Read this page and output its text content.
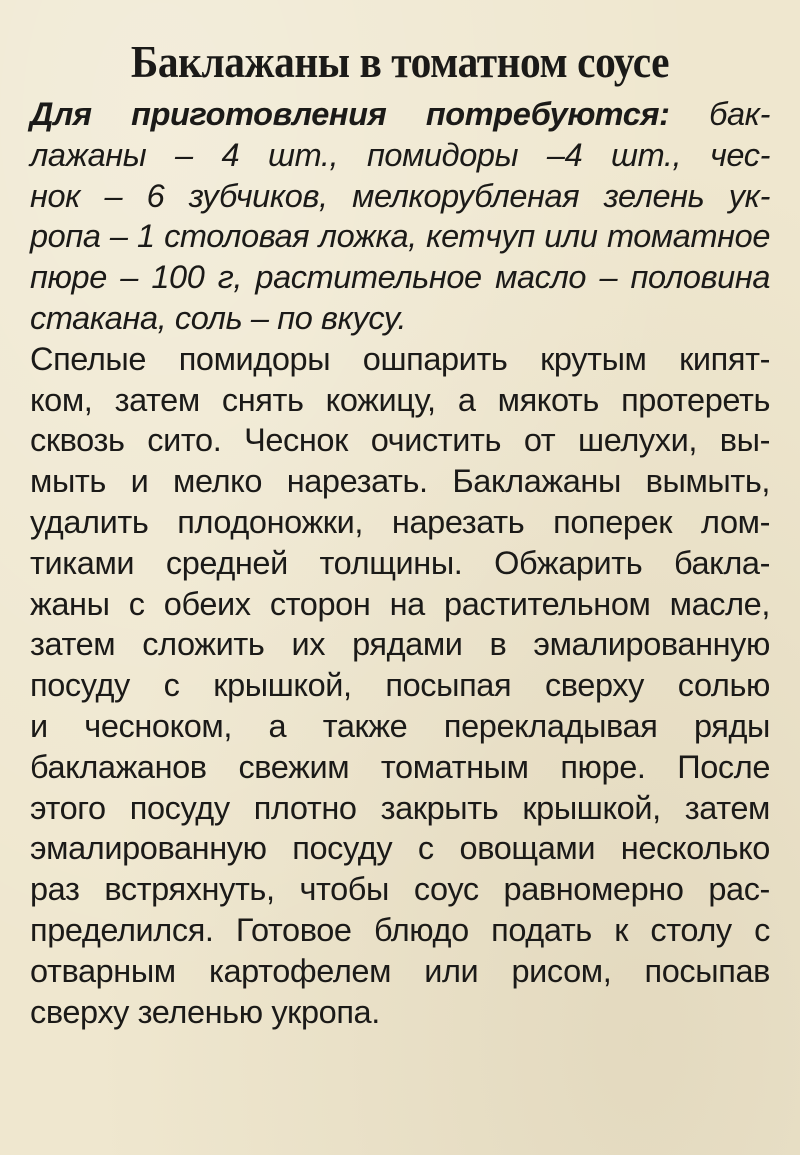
Баклажаны в томатном соусе
Для приготовления потребуются: бак-
лажаны – 4 шт., помидоры –4 шт., чес-
нок – 6 зубчиков, мелкорубленая зелень ук-
ропа – 1 столовая ложка, кетчуп или томатное
пюре – 100 г, растительное масло – половина
стакана, соль – по вкусу.
Спелые помидоры ошпарить крутым кипят-
ком, затем снять кожицу, а мякоть протереть
сквозь сито. Чеснок очистить от шелухи, вы-
мыть и мелко нарезать. Баклажаны вымыть,
удалить плодоножки, нарезать поперек лом-
тиками средней толщины. Обжарить бакла-
жаны с обеих сторон на растительном масле,
затем сложить их рядами в эмалированную
посуду с крышкой, посыпая сверху солью
и чесноком, а также перекладывая ряды
баклажанов свежим томатным пюре. После
этого посуду плотно закрыть крышкой, затем
эмалированную посуду с овощами несколько
раз встряхнуть, чтобы соус равномерно рас-
пределился. Готовое блюдо подать к столу с
отварным картофелем или рисом, посыпав
сверху зеленью укропа.
